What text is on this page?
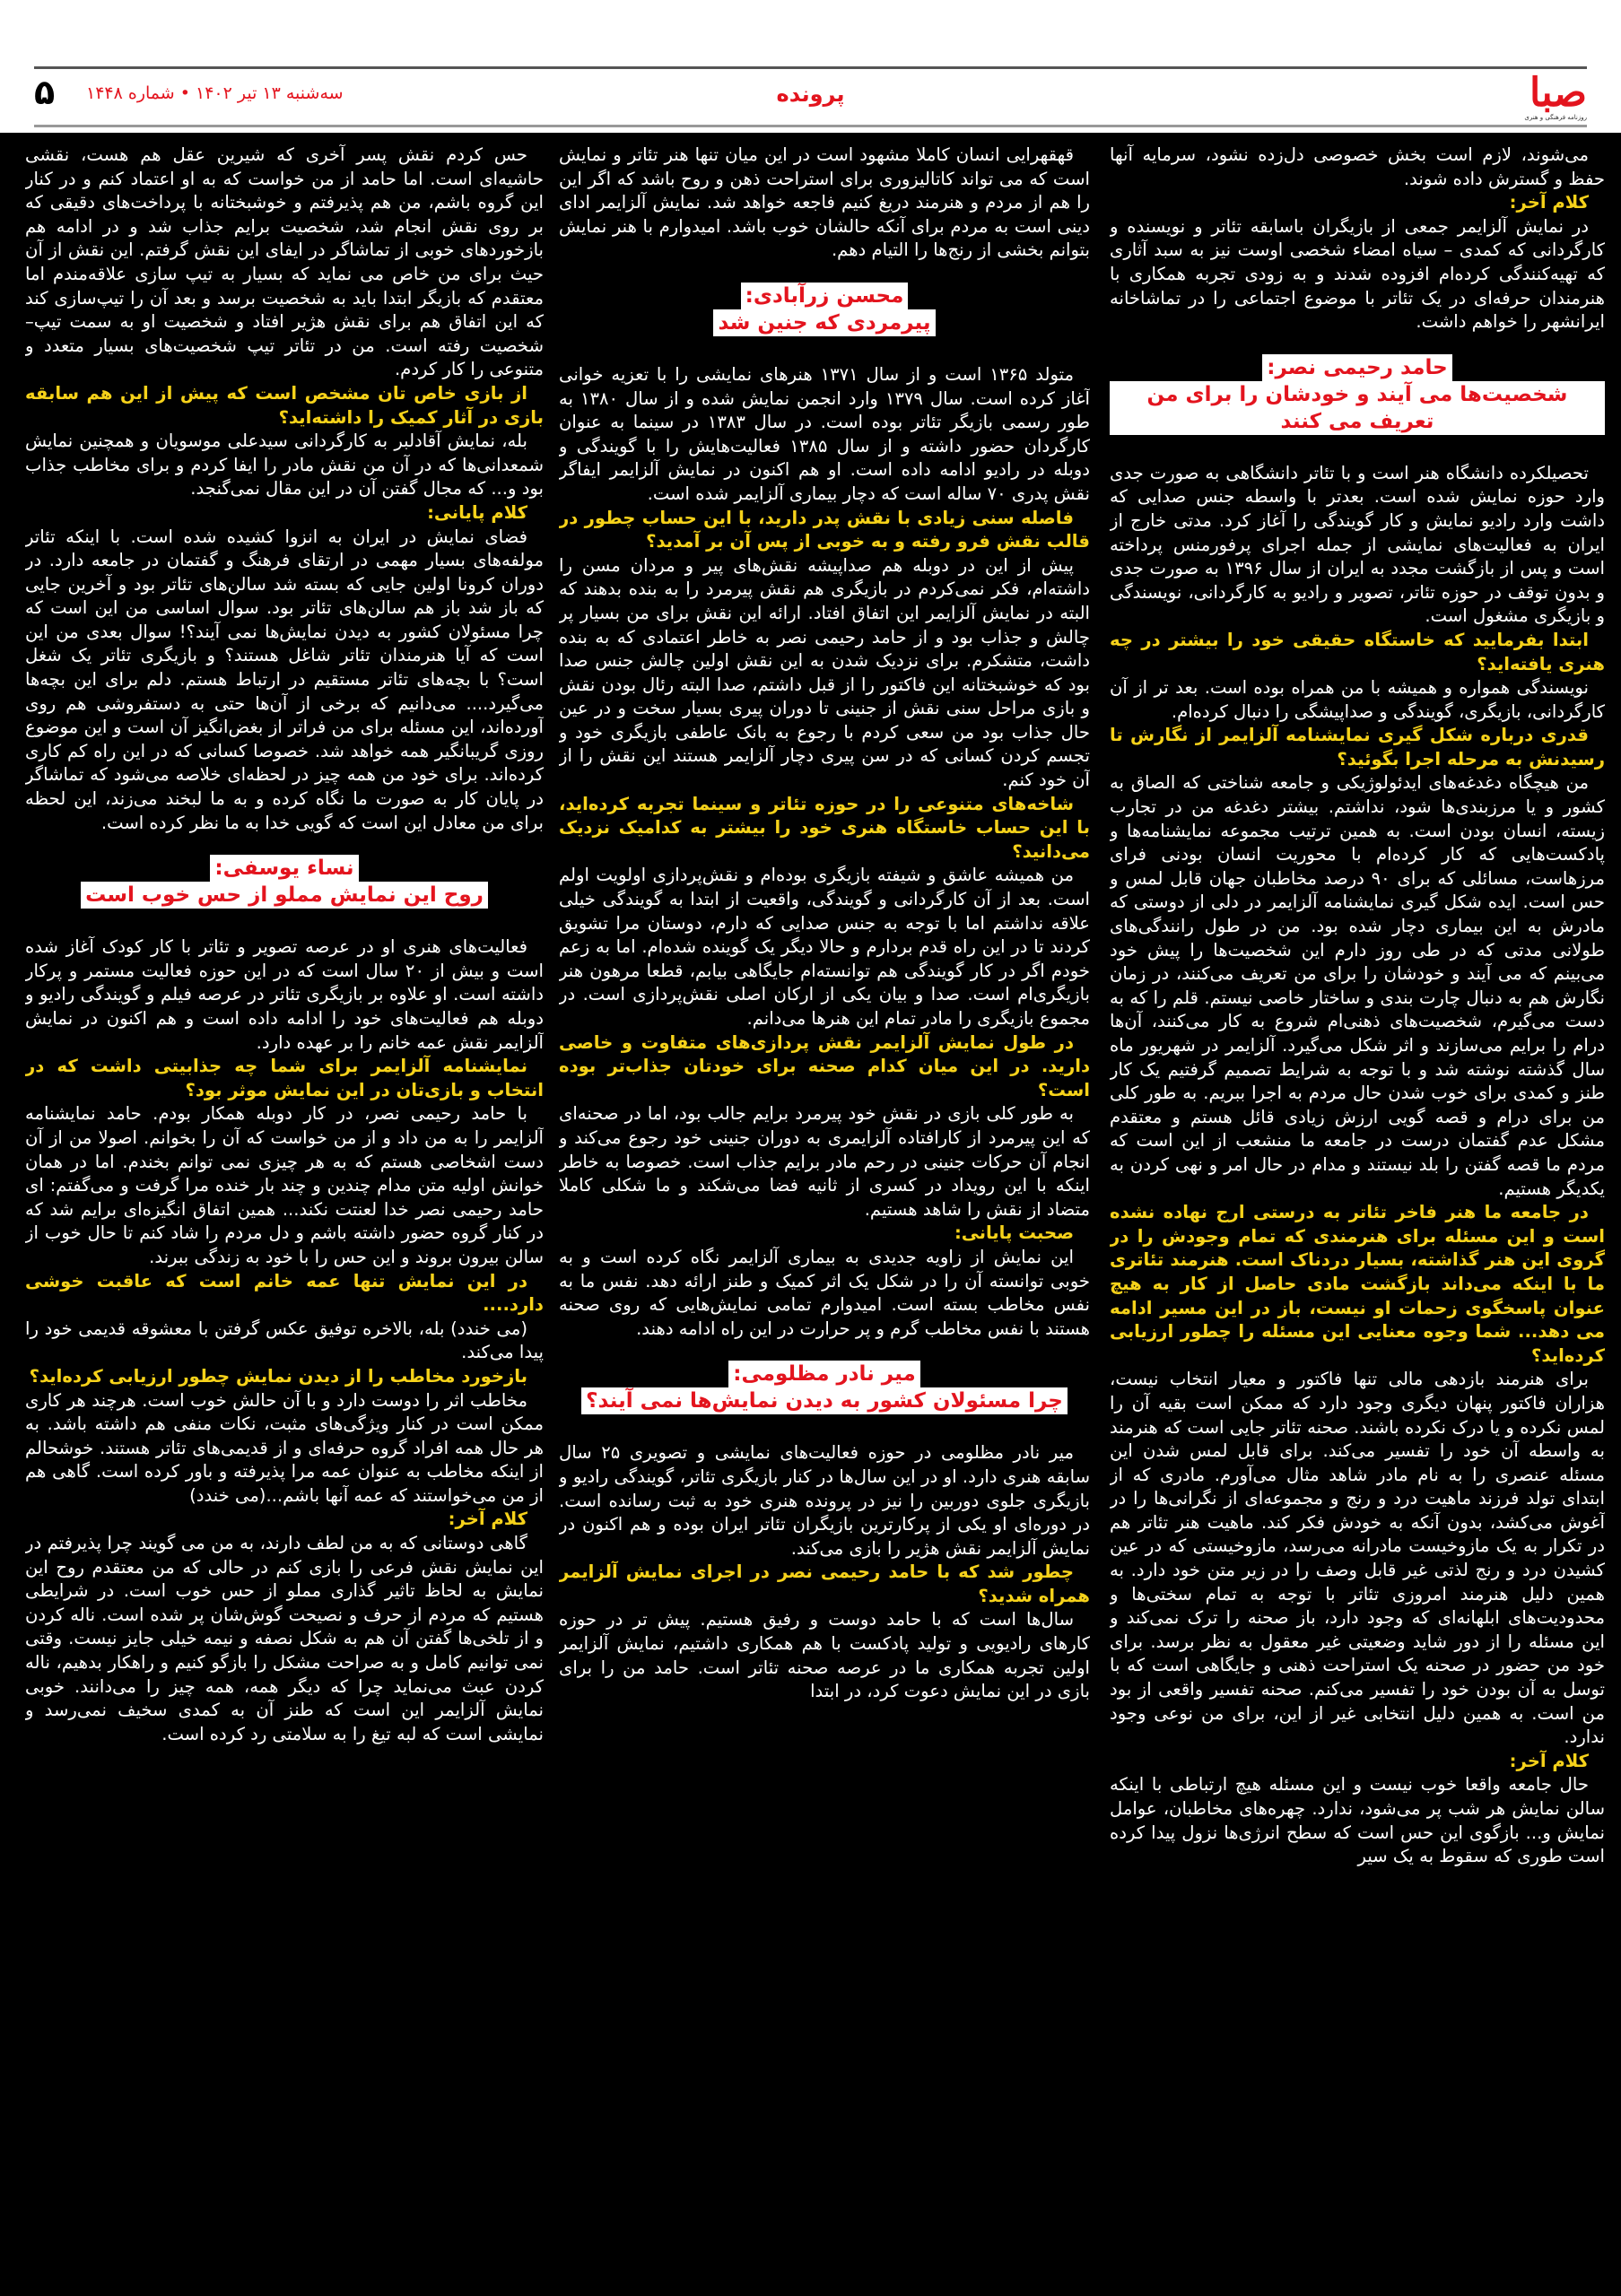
صبا
روزنامه فرهنگی و هنری
پرونده
سه‌شنبه ۱۳ تیر ۱۴۰۲ • شماره ۱۴۴۸
۵

می‌شوند، لازم است بخش خصوصی دل‌زده نشود، سرمایه آنها حفظ و گسترش داده شوند.

کلام آخر:

در نمایش آلزایمر جمعی از بازیگران باسابقه تئاتر و نویسنده و کارگردانی که کمدی – سیاه امضاء شخصی اوست نیز به سبد آثاری که تهیه‌کنندگی کرده‌ام افزوده شدند و به زودی تجربه همکاری با هنرمندان حرفه‌ای در یک تئاتر با موضوع اجتماعی را در تماشاخانه ایرانشهر را خواهم داشت.

حامد رحیمی نصر:
شخصیت‌ها می آیند و خودشان را برای من تعریف می کنند

تحصیلکرده دانشگاه هنر است و با تئاتر دانشگاهی به صورت جدی وارد حوزه نمایش شده است. بعدتر با واسطه جنس صدایی که داشت وارد رادیو نمایش و کار گویندگی را آغاز کرد. مدتی خارج از ایران به فعالیت‌های نمایشی از جمله اجرای پرفورمنس پرداخته است و پس از بازگشت مجدد به ایران از سال ۱۳۹۶ به صورت جدی و بدون توقف در حوزه تئاتر، تصویر و رادیو به کارگردانی، نویسندگی و بازیگری مشغول است.

ابتدا بفرمایید که خاستگاه حقیقی خود را بیشتر در چه هنری یافته‌اید؟

نویسندگی همواره و همیشه با من همراه بوده است. بعد تر از آن کارگردانی، بازیگری، گویندگی و صداپیشگی را دنبال کرده‌ام.

قدری درباره شکل گیری نمایشنامه آلزایمر از نگارش تا رسیدنش به مرحله اجرا بگوئید؟

من هیچگاه دغدغه‌های ایدئولوژیکی و جامعه شناختی که الصاق به کشور و یا مرزبندی‌ها شود، نداشتم. بیشتر دغدغه من در تجارب زیسته، انسان بودن است. به همین ترتیب مجموعه نمایشنامه‌ها و پادکست‌هایی که کار کرده‌ام با محوریت انسان بودنی فرای مرزهاست، مسائلی که برای ۹۰ درصد مخاطبان جهان قابل لمس و حس است. ایده شکل گیری نمایشنامه آلزایمر در دلی از دوستی که مادرش به این بیماری دچار شده بود. من در طول رانندگی‌های طولانی مدتی که در طی روز دارم این شخصیت‌ها را پیش خود می‌بینم که می آیند و خودشان را برای من تعریف می‌کنند، در زمان نگارش هم به دنبال چارت بندی و ساختار خاصی نیستم. قلم را که به دست می‌گیرم، شخصیت‌های ذهنی‌ام شروع به کار می‌کنند، آن‌ها درام را برایم می‌سازند و اثر شکل می‌گیرد. آلزایمر در شهریور ماه سال گذشته نوشته شد و با توجه به شرایط تصمیم گرفتیم یک کار طنز و کمدی برای خوب شدن حال مردم به اجرا ببریم. به طور کلی من برای درام و قصه گویی ارزش زیادی قائل هستم و معتقدم مشکل عدم گفتمان درست در جامعه ما منشعب از این است که مردم ما قصه گفتن را بلد نیستند و مدام در حال امر و نهی کردن به یکدیگر هستیم.

در جامعه ما هنر فاخر تئاتر به درستی ارج نهاده نشده است و این مسئله برای هنرمندی که تمام وجودش را در گروی این هنر گذاشته، بسیار دردناک است. هنرمند تئاتری ما با اینکه می‌داند بازگشت مادی حاصل از کار به هیچ عنوان پاسخگوی زحمات او نیست، باز در این مسیر ادامه می دهد... شما وجوه معنایی این مسئله را چطور ارزیابی کرده‌اید؟

برای هنرمند بازدهی مالی تنها فاکتور و معیار انتخاب نیست، هزاران فاکتور پنهان دیگری وجود دارد که ممکن است بقیه آن را لمس نکرده و یا درک نکرده باشند. صحنه تئاتر جایی است که هنرمند به واسطه آن خود را تفسیر می‌کند. برای قابل لمس شدن این مسئله عنصری را به نام مادر شاهد مثال می‌آورم. مادری که از ابتدای تولد فرزند ماهیت درد و رنج و مجموعه‌ای از نگرانی‌ها را در آغوش می‌کشد، بدون آنکه به خودش فکر کند. ماهیت هنر تئاتر هم در تکرار به یک مازوخیست مادرانه می‌رسد، مازوخیستی که در عین کشیدن درد و رنج لذتی غیر قابل وصف را در زیر متن خود دارد. به همین دلیل هنرمند امروزی تئاتر با توجه به تمام سختی‌ها و محدودیت‌های ابلهانه‌ای که وجود دارد، باز صحنه را ترک نمی‌کند و این مسئله را از دور شاید وضعیتی غیر معقول به نظر برسد. برای خود من حضور در صحنه یک استراحت ذهنی و جایگاهی است که با توسل به آن بودن خود را تفسیر می‌کنم. صحنه تفسیر واقعی از بود من است. به همین دلیل انتخابی غیر از این، برای من نوعی وجود ندارد.

کلام آخر:

حال جامعه واقعا خوب نیست و این مسئله هیچ ارتباطی با اینکه سالن نمایش هر شب پر می‌شود، ندارد. چهره‌های مخاطبان، عوامل نمایش و... بازگوی این حس است که سطح انرژی‌ها نزول پیدا کرده است طوری که سقوط به یک سیر

قهقهرایی انسان کاملا مشهود است در این میان تنها هنر تئاتر و نمایش است که می تواند کاتالیزوری برای استراحت ذهن و روح باشد که اگر این را هم از مردم و هنرمند دریغ کنیم فاجعه خواهد شد. نمایش آلزایمر ادای دینی است به مردم برای آنکه حالشان خوب باشد. امیدوارم با هنر نمایش بتوانم بخشی از رنج‌ها را التیام دهم.

محسن زرآبادی:
پیرمردی که جنین شد

متولد ۱۳۶۵ است و از سال ۱۳۷۱ هنرهای نمایشی را با تعزیه خوانی آغاز کرده است. سال ۱۳۷۹ وارد انجمن نمایش شده و از سال ۱۳۸۰ به طور رسمی بازیگر تئاتر بوده است. در سال ۱۳۸۳ در سینما به عنوان کارگردان حضور داشته و از سال ۱۳۸۵ فعالیت‌هایش را با گویندگی و دوبله در رادیو ادامه داده است. او هم اکنون در نمایش آلزایمر ایفاگر نقش پدری ۷۰ ساله است که دچار بیماری آلزایمر شده است.

فاصله سنی زیادی با نقش پدر دارید، با این حساب چطور در قالب نقش فرو رفته و به خوبی از پس آن بر آمدید؟

پیش از این در دوبله هم صداپیشه نقش‌های پیر و مردان مسن را داشته‌ام، فکر نمی‌کردم در بازیگری هم نقش پیرمرد را به بنده بدهند که البته در نمایش آلزایمر این اتفاق افتاد. ارائه این نقش برای من بسیار پر چالش و جذاب بود و از حامد رحیمی نصر به خاطر اعتمادی که به بنده داشت، متشکرم. برای نزدیک شدن به این نقش اولین چالش جنس صدا بود که خوشبختانه این فاکتور را از قبل داشتم، صدا البته رئال بودن نقش و بازی مراحل سنی نقش از جنینی تا دوران پیری بسیار سخت و در عین حال جذاب بود من سعی کردم با رجوع به بانک عاطفی بازیگری خود و تجسم کردن کسانی که در سن پیری دچار آلزایمر هستند این نقش را از آن خود کنم.

شاخه‌های متنوعی را در حوزه تئاتر و سینما تجربه کرده‌اید، با این حساب خاستگاه هنری خود را بیشتر به کدامیک نزدیک می‌دانید؟

من همیشه عاشق و شیفته بازیگری بوده‌ام و نقش‌پردازی اولویت اولم است. بعد از آن کارگردانی و گویندگی، واقعیت از ابتدا به گویندگی خیلی علاقه نداشتم اما با توجه به جنس صدایی که دارم، دوستان مرا تشویق کردند تا در این راه قدم بردارم و حالا دیگر یک گوینده شده‌ام. اما به زعم خودم اگر در کار گویندگی هم توانسته‌ام جایگاهی بیابم، قطعا مرهون هنر بازیگری‌ام است. صدا و بیان یکی از ارکان اصلی نقش‌پردازی است. در مجموع بازیگری را مادر تمام این هنرها می‌دانم.

در طول نمایش آلزایمر نقش پردازی‌های متفاوت و خاصی دارید. در این میان کدام صحنه برای خودتان جذاب‌تر بوده است؟

به طور کلی بازی در نقش خود پیرمرد برایم جالب بود، اما در صحنه‌ای که این پیرمرد از کارافتاده آلزایمری به دوران جنینی خود رجوع می‌کند و انجام آن حرکات جنینی در رحم مادر برایم جذاب است. خصوصا به خاطر اینکه با این رویداد در کسری از ثانیه فضا می‌شکند و ما شکلی کاملا متضاد از نقش را شاهد هستیم.

صحبت پایانی:

این نمایش از زاویه جدیدی به بیماری آلزایمر نگاه کرده است و به خوبی توانسته آن را در شکل یک اثر کمیک و طنز ارائه دهد. نفس ما به نفس مخاطب بسته است. امیدوارم تمامی نمایش‌هایی که روی صحنه هستند با نفس مخاطب گرم و پر حرارت در این راه ادامه دهند.

میر نادر مظلومی:
چرا مسئولان کشور به دیدن نمایش‌ها نمی آیند؟

میر نادر مظلومی در حوزه فعالیت‌های نمایشی و تصویری ۲۵ سال سابقه هنری دارد. او در این سال‌ها در کنار بازیگری تئاتر، گویندگی رادیو و بازیگری جلوی دوربین را نیز در پرونده هنری خود به ثبت رسانده است. در دوره‌ای او یکی از پرکارترین بازیگران تئاتر ایران بوده و هم اکنون در نمایش آلزایمر نقش هژیر را بازی می‌کند.

چطور شد که با حامد رحیمی نصر در اجرای نمایش آلزایمر همراه شدید؟

سال‌ها است که با حامد دوست و رفیق هستیم. پیش تر در حوزه کارهای رادیویی و تولید پادکست با هم همکاری داشتیم، نمایش آلزایمر اولین تجربه همکاری ما در عرصه صحنه تئاتر است. حامد من را برای بازی در این نمایش دعوت کرد، در ابتدا

حس کردم نقش پسر آخری که شیرین عقل هم هست، نقشی حاشیه‌ای است. اما حامد از من خواست که به او اعتماد کنم و در کنار این گروه باشم، من هم پذیرفتم و خوشبختانه با پرداخت‌های دقیقی که بر روی نقش انجام شد، شخصیت برایم جذاب شد و در ادامه هم بازخوردهای خوبی از تماشاگر در ایفای این نقش گرفتم. این نقش از آن حیث برای من خاص می نماید که بسیار به تیپ سازی علاقه‌مندم اما معتقدم که بازیگر ابتدا باید به شخصیت برسد و بعد آن را تیپ‌سازی کند که این اتفاق هم برای نقش هژیر افتاد و شخصیت او به سمت تیپ–شخصیت رفته است. من در تئاتر تیپ شخصیت‌های بسیار متعدد و متنوعی را کار کردم.

از بازی خاص تان مشخص است که پیش از این هم سابقه بازی در آثار کمیک را داشته‌اید؟

بله، نمایش آقادلبر به کارگردانی سیدعلی موسویان و همچنین نمایش شمعدانی‌ها که در آن من نقش مادر را ایفا کردم و برای مخاطب جذاب بود و... که مجال گفتن آن در این مقال نمی‌گنجد.

کلام پایانی:

فضای نمایش در ایران به انزوا کشیده شده است. با اینکه تئاتر مولفه‌های بسیار مهمی در ارتقای فرهنگ و گفتمان در جامعه دارد. در دوران کرونا اولین جایی که بسته شد سالن‌های تئاتر بود و آخرین جایی که باز شد باز هم سالن‌های تئاتر بود. سوال اساسی من این است که چرا مسئولان کشور به دیدن نمایش‌ها نمی آیند؟! سوال بعدی من این است که آیا هنرمندان تئاتر شاغل هستند؟ و بازیگری تئاتر یک شغل است؟ با بچه‌های تئاتر مستقیم در ارتباط هستم. دلم برای این بچه‌ها می‌گیرد.... می‌دانیم که برخی از آن‌ها حتی به دستفروشی هم روی آورده‌اند، این مسئله برای من فراتر از بغض‌انگیز آن است و این موضوع روزی گریبانگیر همه خواهد شد. خصوصا کسانی که در این راه کم کاری کرده‌اند. برای خود من همه چیز در لحظه‌ای خلاصه می‌شود که تماشاگر در پایان کار به صورت ما نگاه کرده و به ما لبخند می‌زند، این لحظه برای من معادل این است که گویی خدا به ما نظر کرده است.

نساء یوسفی:
روح این نمایش مملو از حس خوب است

فعالیت‌های هنری او در عرصه تصویر و تئاتر با کار کودک آغاز شده است و بیش از ۲۰ سال است که در این حوزه فعالیت مستمر و پرکار داشته است. او علاوه بر بازیگری تئاتر در عرصه فیلم و گویندگی رادیو و دوبله هم فعالیت‌های خود را ادامه داده است و هم اکنون در نمایش آلزایمر نقش عمه خانم را بر عهده دارد.

نمایشنامه آلزایمر برای شما چه جذابیتی داشت که در انتخاب و بازی‌تان در این نمایش موثر بود؟

با حامد رحیمی نصر، در کار دوبله همکار بودم. حامد نمایشنامه آلزایمر را به من داد و از من خواست که آن را بخوانم. اصولا من از آن دست اشخاصی هستم که به هر چیزی نمی توانم بخندم. اما در همان خوانش اولیه متن مدام چندین و چند بار خنده مرا گرفت و می‌گفتم: ای حامد رحیمی نصر خدا لعنتت نکند... همین اتفاق انگیزه‌ای برایم شد که در کنار گروه حضور داشته باشم و دل مردم را شاد کنم تا حال خوب از سالن بیرون بروند و این حس را با خود به زندگی ببرند.

در این نمایش تنها عمه خانم است که عاقبت خوشی دارد....

(می خندد) بله، بالاخره توفیق عکس گرفتن با معشوقه قدیمی خود را پیدا می‌کند.

بازخورد مخاطب را از دیدن نمایش چطور ارزیابی کرده‌اید؟

مخاطب اثر را دوست دارد و با آن حالش خوب است. هرچند هر کاری ممکن است در کنار ویژگی‌های مثبت، نکات منفی هم داشته باشد. به هر حال همه افراد گروه حرفه‌ای و از قدیمی‌های تئاتر هستند. خوشحالم از اینکه مخاطب به عنوان عمه مرا پذیرفته و باور کرده است. گاهی هم از من می‌خواستند که عمه آنها باشم...(می خندد)

کلام آخر:

گاهی دوستانی که به من لطف دارند، به من می گویند چرا پذیرفتم در این نمایش نقش فرعی را بازی کنم در حالی که من معتقدم روح این نمایش به لحاظ تاثیر گذاری مملو از حس خوب است. در شرایطی هستیم که مردم از حرف و نصیحت گوش‌شان پر شده است. ناله کردن و از تلخی‌ها گفتن آن هم به شکل نصفه و نیمه خیلی جایز نیست. وقتی نمی توانیم کامل و به صراحت مشکل را بازگو کنیم و راهکار بدهیم، ناله کردن عبث می‌نماید چرا که دیگر همه، همه چیز را می‌دانند. خوبی نمایش آلزایمر این است که طنز آن به کمدی سخیف نمی‌رسد و نمایشی است که لبه تیغ را به سلامتی رد کرده است.
